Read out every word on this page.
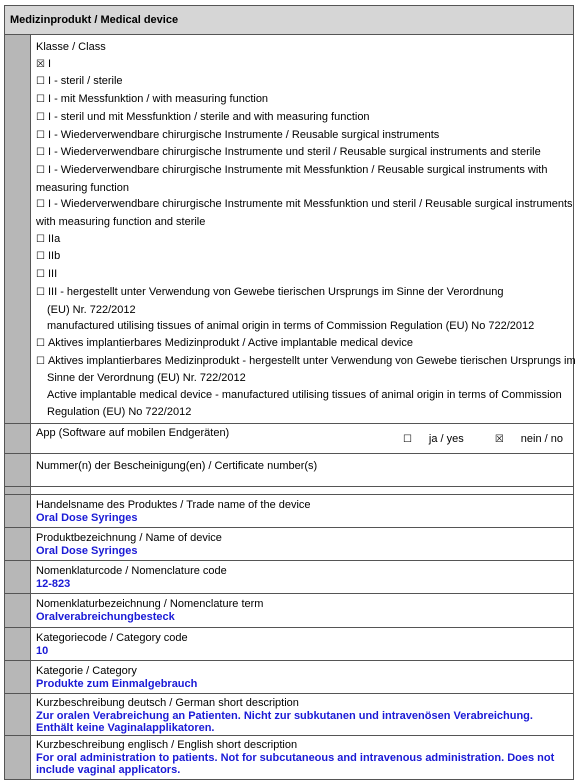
Medizinprodukt / Medical device
Klasse / Class
☒ I
☐ I - steril / sterile
☐ I - mit Messfunktion / with measuring function
☐ I - steril und mit Messfunktion / sterile and with measuring function
☐ I - Wiederverwendbare chirurgische Instrumente / Reusable surgical instruments
☐ I - Wiederverwendbare chirurgische Instrumente und steril / Reusable surgical instruments and sterile
☐ I - Wiederverwendbare chirurgische Instrumente mit Messfunktion / Reusable surgical instruments with measuring function
☐ I - Wiederverwendbare chirurgische Instrumente mit Messfunktion und steril / Reusable surgical instruments with measuring function and sterile
☐ IIa
☐ IIb
☐ III
☐ III - hergestellt unter Verwendung von Gewebe tierischen Ursprungs im Sinne der Verordnung
(EU) Nr. 722/2012
manufactured utilising tissues of animal origin in terms of Commission Regulation (EU) No 722/2012
☐ Aktives implantierbares Medizinprodukt / Active implantable medical device
☐ Aktives implantierbares Medizinprodukt - hergestellt unter Verwendung von Gewebe tierischen Ursprungs im
Sinne der Verordnung (EU) Nr. 722/2012
Active implantable medical device - manufactured utilising tissues of animal origin in terms of Commission
Regulation (EU) No 722/2012
App (Software auf mobilen Endgeräten)
☐ ja / yes	☒ nein / no
Nummer(n) der Bescheinigung(en) / Certificate number(s)
Handelsname des Produktes / Trade name of the device
Oral Dose Syringes
Produktbezeichnung / Name of device
Oral Dose Syringes
Nomenklaturcode / Nomenclature code
12-823
Nomenklaturbezeichnung / Nomenclature term
Oralverabreichungbesteck
Kategoriecode / Category code
10
Kategorie / Category
Produkte zum Einmalgebrauch
Kurzbeschreibung deutsch / German short description
Zur oralen Verabreichung an Patienten. Nicht zur subkutanen und intravenösen Verabreichung. Enthält keine Vaginalapplikatoren.
Kurzbeschreibung englisch / English short description
For oral administration to patients. Not for subcutaneous and intravenous administration. Does not include vaginal applicators.
